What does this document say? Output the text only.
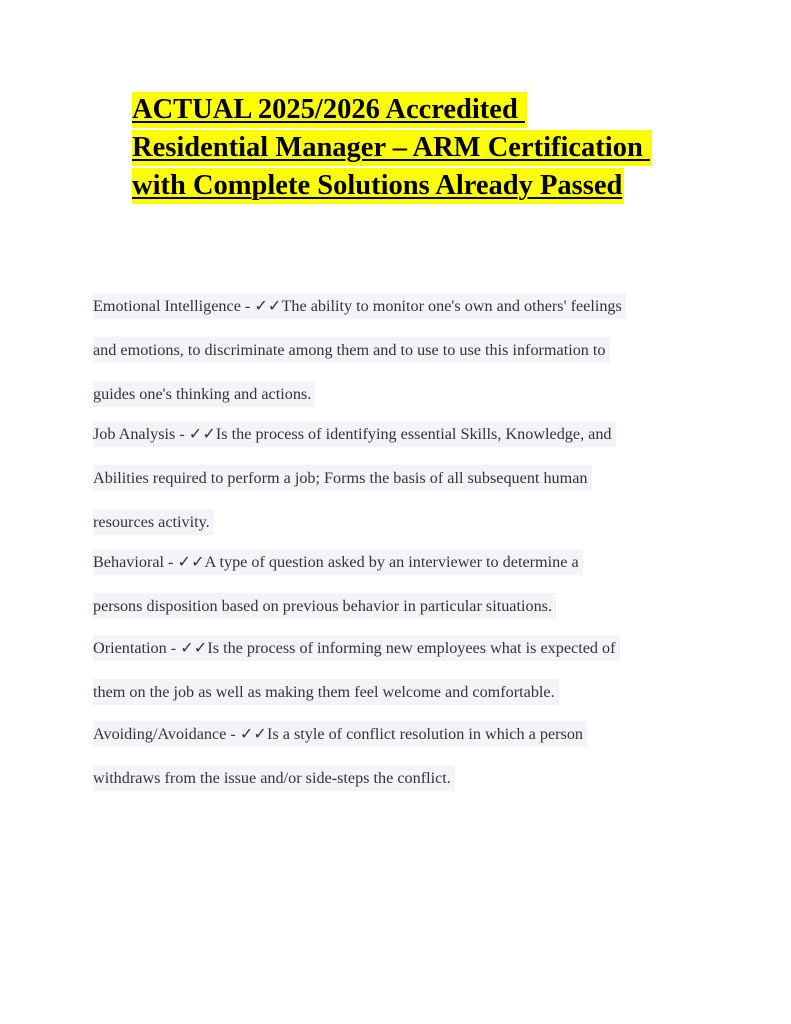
ACTUAL 2025/2026 Accredited
Residential Manager – ARM Certification
with Complete Solutions Already Passed
Emotional Intelligence - ✓✓The ability to monitor one's own and others' feelings
and emotions, to discriminate among them and to use to use this information to
guides one's thinking and actions.
Job Analysis - ✓✓Is the process of identifying essential Skills, Knowledge, and
Abilities required to perform a job; Forms the basis of all subsequent human
resources activity.
Behavioral - ✓✓A type of question asked by an interviewer to determine a
persons disposition based on previous behavior in particular situations.
Orientation - ✓✓Is the process of informing new employees what is expected of
them on the job as well as making them feel welcome and comfortable.
Avoiding/Avoidance - ✓✓Is a style of conflict resolution in which a person
withdraws from the issue and/or side-steps the conflict.
